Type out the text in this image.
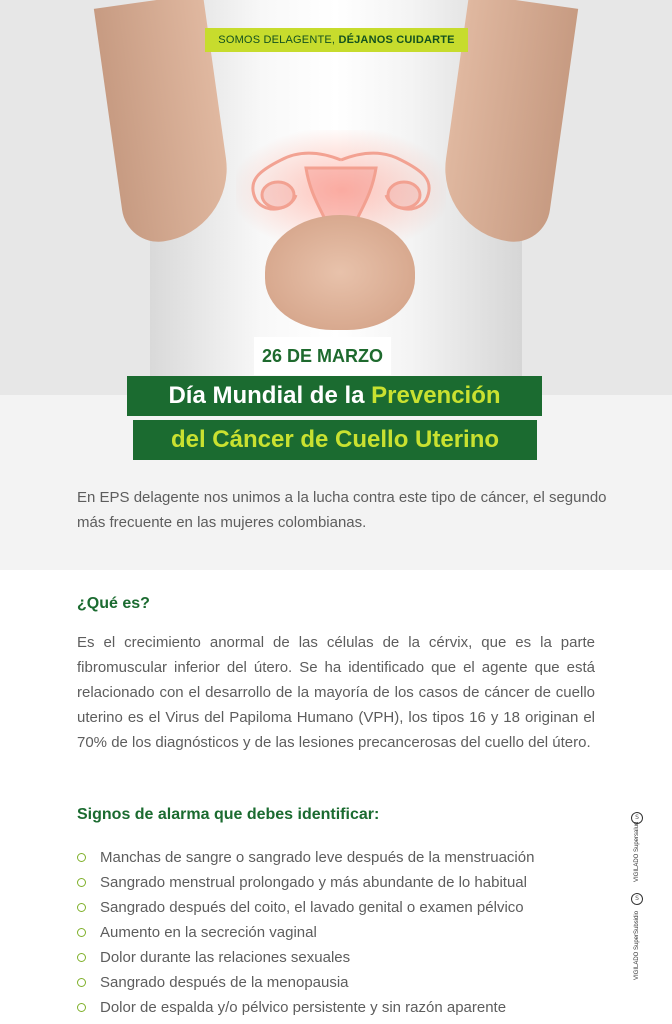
SOMOS DELAGENTE, DÉJANOS CUIDARTE
26 DE MARZO
Día Mundial de la Prevención
del Cáncer de Cuello Uterino
En EPS delagente nos unimos a la lucha contra este tipo de cáncer, el segundo más frecuente en las mujeres colombianas.
¿Qué es?
Es el crecimiento anormal de las células de la cérvix, que es la parte fibromuscular inferior del útero. Se ha identificado que el agente que está relacionado con el desarrollo de la mayoría de los casos de cáncer de cuello uterino es el Virus del Papiloma Humano (VPH), los tipos 16 y 18 originan el 70% de los diagnósticos y de las lesiones precancerosas del cuello del útero.
Signos de alarma que debes identificar:
Manchas de sangre o sangrado leve después de la menstruación
Sangrado menstrual prolongado y más abundante de lo habitual
Sangrado después del coito, el lavado genital o examen pélvico
Aumento en la secreción vaginal
Dolor durante las relaciones sexuales
Sangrado después de la menopausia
Dolor de espalda y/o pélvico persistente y sin razón aparente
S
VIGILADO Supersalud
S
VIGILADO SuperSubsidio
